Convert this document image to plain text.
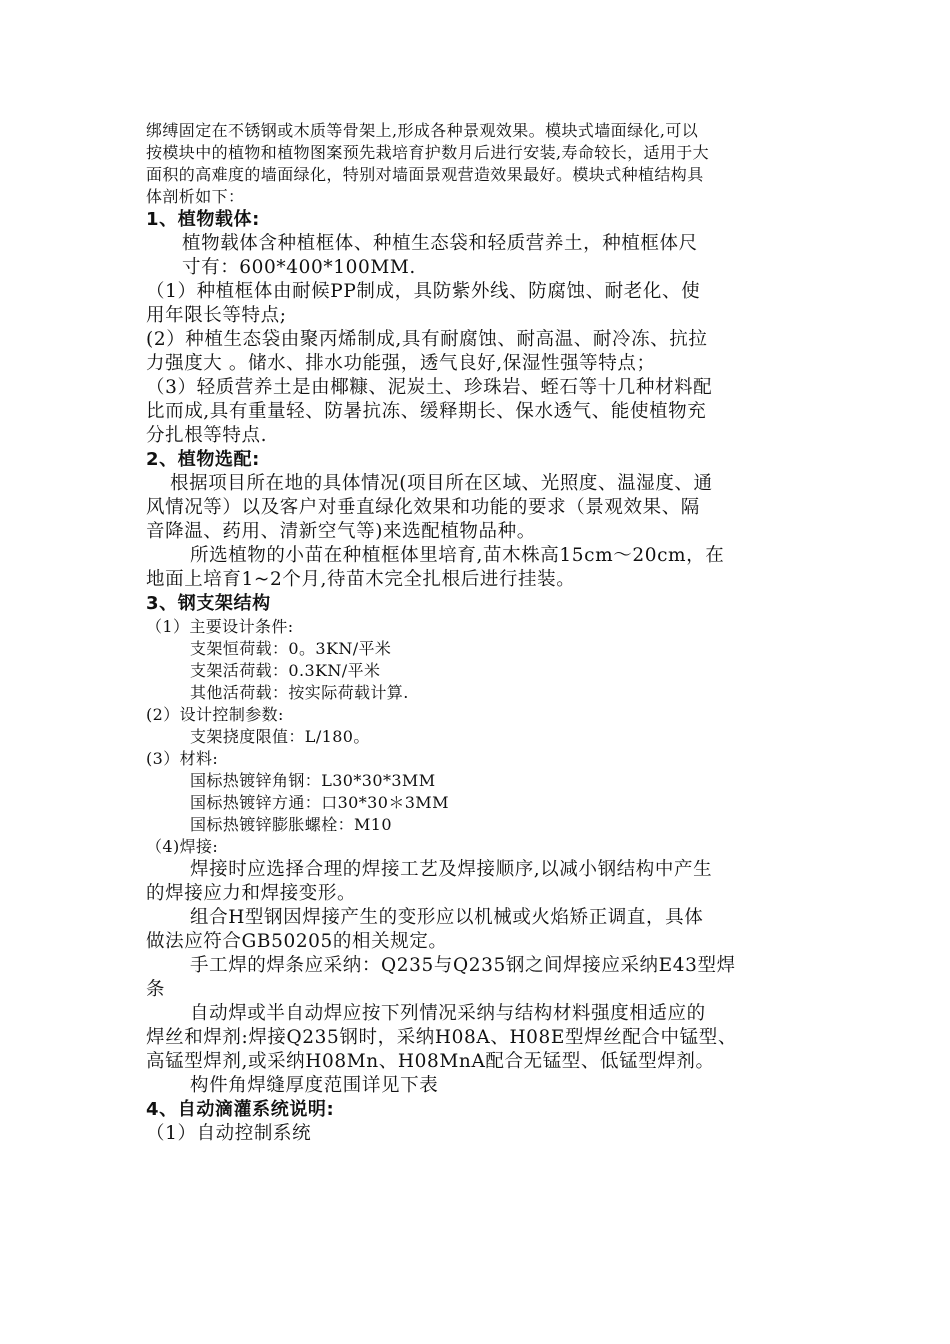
绑缚固定在不锈钢或木质等骨架上,形成各种景观效果。模块式墙面绿化,可以
按模块中的植物和植物图案预先栽培育护数月后进行安装,寿命较长，适用于大
面积的高难度的墙面绿化，特别对墙面景观营造效果最好。模块式种植结构具
体剖析如下：
1、植物载体:
植物载体含种植框体、种植生态袋和轻质营养土，种植框体尺
寸有：600*400*100MM.
（1）种植框体由耐候PP制成，具防紫外线、防腐蚀、耐老化、使
用年限长等特点;
(2）种植生态袋由聚丙烯制成,具有耐腐蚀、耐高温、耐冷冻、抗拉
力强度大 。储水、排水功能强，透气良好,保湿性强等特点；
（3）轻质营养土是由椰糠、泥炭土、珍珠岩、蛭石等十几种材料配
比而成,具有重量轻、防暑抗冻、缓释期长、保水透气、能使植物充
分扎根等特点.
2、植物选配:
根据项目所在地的具体情况(项目所在区域、光照度、温湿度、通
风情况等）以及客户对垂直绿化效果和功能的要求（景观效果、隔
音降温、药用、清新空气等)来选配植物品种。
所选植物的小苗在种植框体里培育,苗木株高15cm～20cm，在
地面上培育1~2个月,待苗木完全扎根后进行挂装。
3、钢支架结构
（1）主要设计条件:
支架恒荷载：0。3KN/平米
支架活荷载：0.3KN/平米
其他活荷载：按实际荷载计算.
(2）设计控制参数:
支架挠度限值：L/180。
(3）材料:
国标热镀锌角钢：L30*30*3MM
国标热镀锌方通：口30*30＊3MM
国标热镀锌膨胀螺栓：M10
（4)焊接:
焊接时应选择合理的焊接工艺及焊接顺序,以减小钢结构中产生
的焊接应力和焊接变形。
组合H型钢因焊接产生的变形应以机械或火焰矫正调直，具体
做法应符合GB50205的相关规定。
手工焊的焊条应采纳：Q235与Q235钢之间焊接应采纳E43型焊
条
自动焊或半自动焊应按下列情况采纳与结构材料强度相适应的
焊丝和焊剂:焊接Q235钢时，采纳H08A、H08E型焊丝配合中锰型、
高锰型焊剂,或采纳H08Mn、H08MnA配合无锰型、低锰型焊剂。
构件角焊缝厚度范围详见下表
4、自动滴灌系统说明:
（1）自动控制系统
